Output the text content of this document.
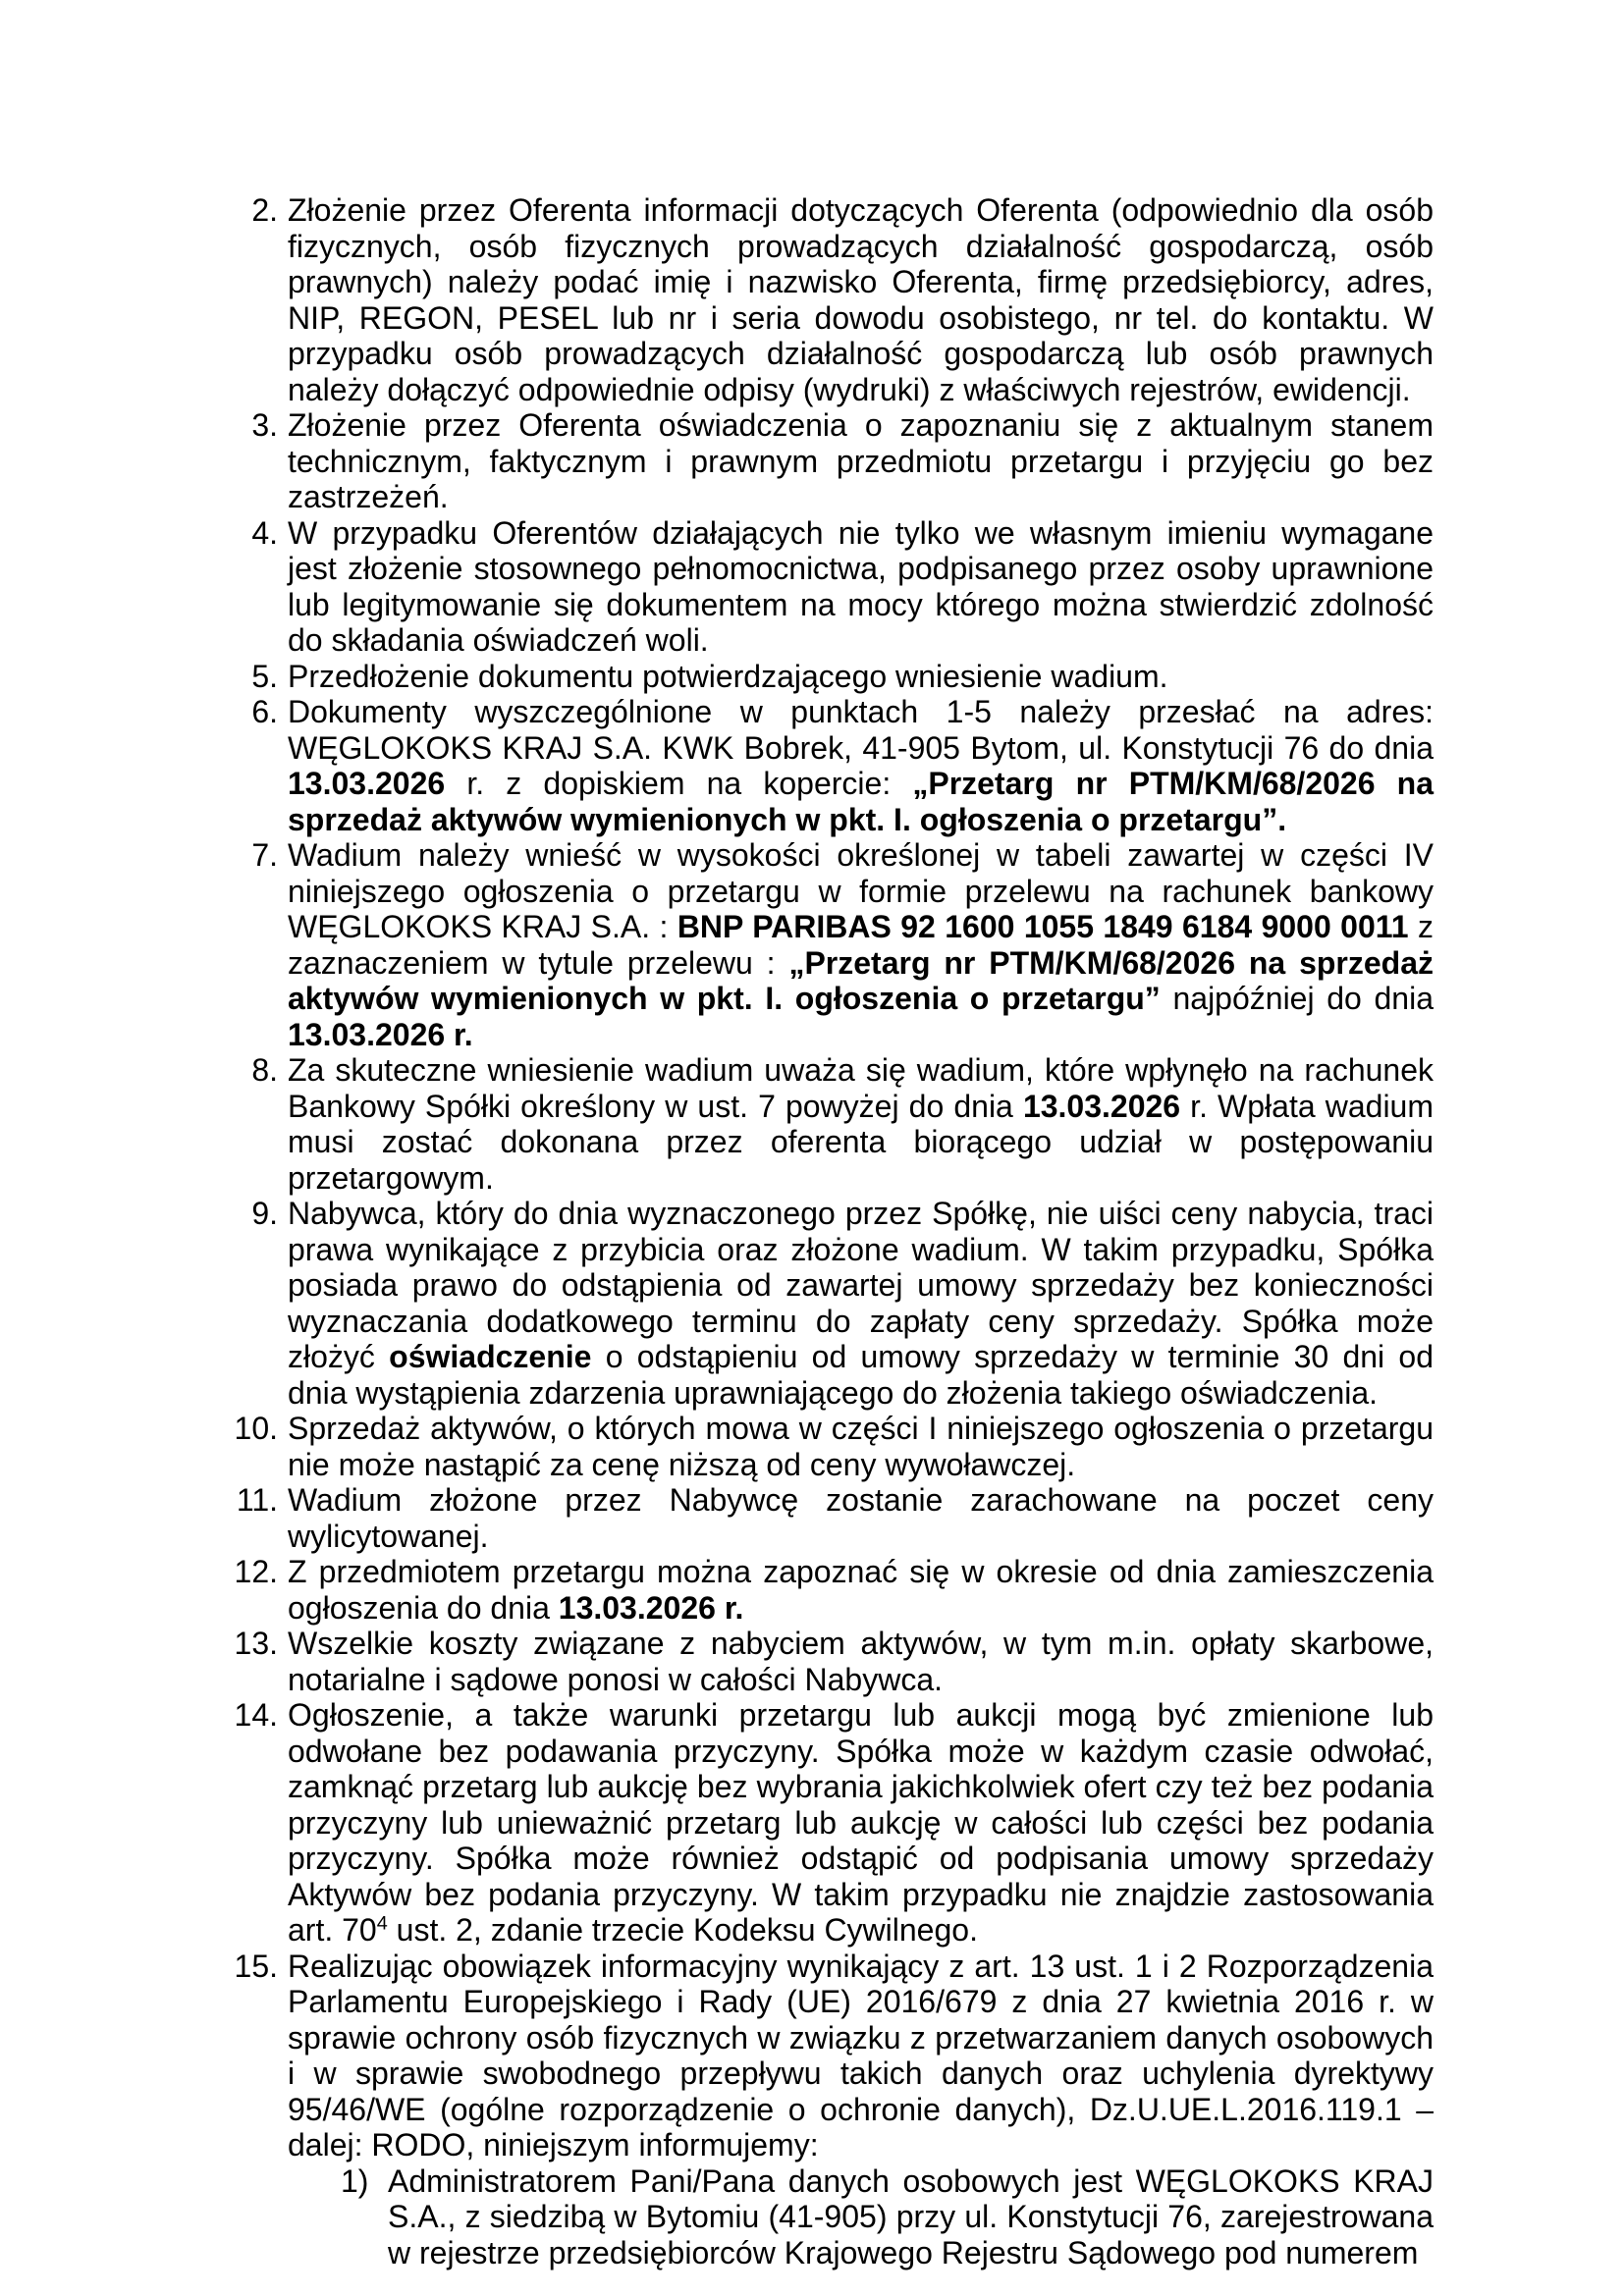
2. Złożenie przez Oferenta informacji dotyczących Oferenta (odpowiednio dla osób fizycznych, osób fizycznych prowadzących działalność gospodarczą, osób prawnych) należy podać imię i nazwisko Oferenta, firmę przedsiębiorcy, adres, NIP, REGON, PESEL lub nr i seria dowodu osobistego, nr tel. do kontaktu. W przypadku osób prowadzących działalność gospodarczą lub osób prawnych należy dołączyć odpowiednie odpisy (wydruki) z właściwych rejestrów, ewidencji.
3. Złożenie przez Oferenta oświadczenia o zapoznaniu się z aktualnym stanem technicznym, faktycznym i prawnym przedmiotu przetargu i przyjęciu go bez zastrzeżeń.
4. W przypadku Oferentów działających nie tylko we własnym imieniu wymagane jest złożenie stosownego pełnomocnictwa, podpisanego przez osoby uprawnione lub legitymowanie się dokumentem na mocy którego można stwierdzić zdolność do składania oświadczeń woli.
5. Przedłożenie dokumentu potwierdzającego wniesienie wadium.
6. Dokumenty wyszczególnione w punktach 1-5 należy przesłać na adres: WĘGLOKOKS KRAJ S.A. KWK Bobrek, 41-905 Bytom, ul. Konstytucji 76 do dnia 13.03.2026 r. z dopiskiem na kopercie: „Przetarg nr PTM/KM/68/2026 na sprzedaż aktywów wymienionych w pkt. I. ogłoszenia o przetargu”.
7. Wadium należy wnieść w wysokości określonej w tabeli zawartej w części IV niniejszego ogłoszenia o przetargu w formie przelewu na rachunek bankowy WĘGLOKOKS KRAJ S.A. : BNP PARIBAS 92 1600 1055 1849 6184 9000 0011 z zaznaczeniem w tytule przelewu : „Przetarg nr PTM/KM/68/2026 na sprzedaż aktywów wymienionych w pkt. I. ogłoszenia o przetargu” najpóźniej do dnia 13.03.2026 r.
8. Za skuteczne wniesienie wadium uważa się wadium, które wpłynęło na rachunek Bankowy Spółki określony w ust. 7 powyżej do dnia 13.03.2026 r. Wpłata wadium musi zostać dokonana przez oferenta biorącego udział w postępowaniu przetargowym.
9. Nabywca, który do dnia wyznaczonego przez Spółkę, nie uiści ceny nabycia, traci prawa wynikające z przybicia oraz złożone wadium. W takim przypadku, Spółka posiada prawo do odstąpienia od zawartej umowy sprzedaży bez konieczności wyznaczania dodatkowego terminu do zapłaty ceny sprzedaży. Spółka może złożyć oświadczenie o odstąpieniu od umowy sprzedaży w terminie 30 dni od dnia wystąpienia zdarzenia uprawniającego do złożenia takiego oświadczenia.
10. Sprzedaż aktywów, o których mowa w części I niniejszego ogłoszenia o przetargu nie może nastąpić za cenę niższą od ceny wywoławczej.
11. Wadium złożone przez Nabywcę zostanie zarachowane na poczet ceny wylicytowanej.
12. Z przedmiotem przetargu można zapoznać się w okresie od dnia zamieszczenia ogłoszenia do dnia 13.03.2026 r.
13. Wszelkie koszty związane z nabyciem aktywów, w tym m.in. opłaty skarbowe, notarialne i sądowe ponosi w całości Nabywca.
14. Ogłoszenie, a także warunki przetargu lub aukcji mogą być zmienione lub odwołane bez podawania przyczyny. Spółka może w każdym czasie odwołać, zamknąć przetarg lub aukcję bez wybrania jakichkolwiek ofert czy też bez podania przyczyny lub unieważnić przetarg lub aukcję w całości lub części bez podania przyczyny. Spółka może również odstąpić od podpisania umowy sprzedaży Aktywów bez podania przyczyny. W takim przypadku nie znajdzie zastosowania art. $70^4$ ust. 2, zdanie trzecie Kodeksu Cywilnego.
15. Realizując obowiązek informacyjny wynikający z art. 13 ust. 1 i 2 Rozporządzenia Parlamentu Europejskiego i Rady (UE) 2016/679 z dnia 27 kwietnia 2016 r. w sprawie ochrony osób fizycznych w związku z przetwarzaniem danych osobowych i w sprawie swobodnego przepływu takich danych oraz uchylenia dyrektywy 95/46/WE (ogólne rozporządzenie o ochronie danych), Dz.U.UE.L.2016.119.1 – dalej: RODO, niniejszym informujemy:
1) Administratorem Pani/Pana danych osobowych jest WĘGLOKOKS KRAJ S.A., z siedzibą w Bytomiu (41-905) przy ul. Konstytucji 76, zarejestrowana w rejestrze przedsiębiorców Krajowego Rejestru Sądowego pod numerem
